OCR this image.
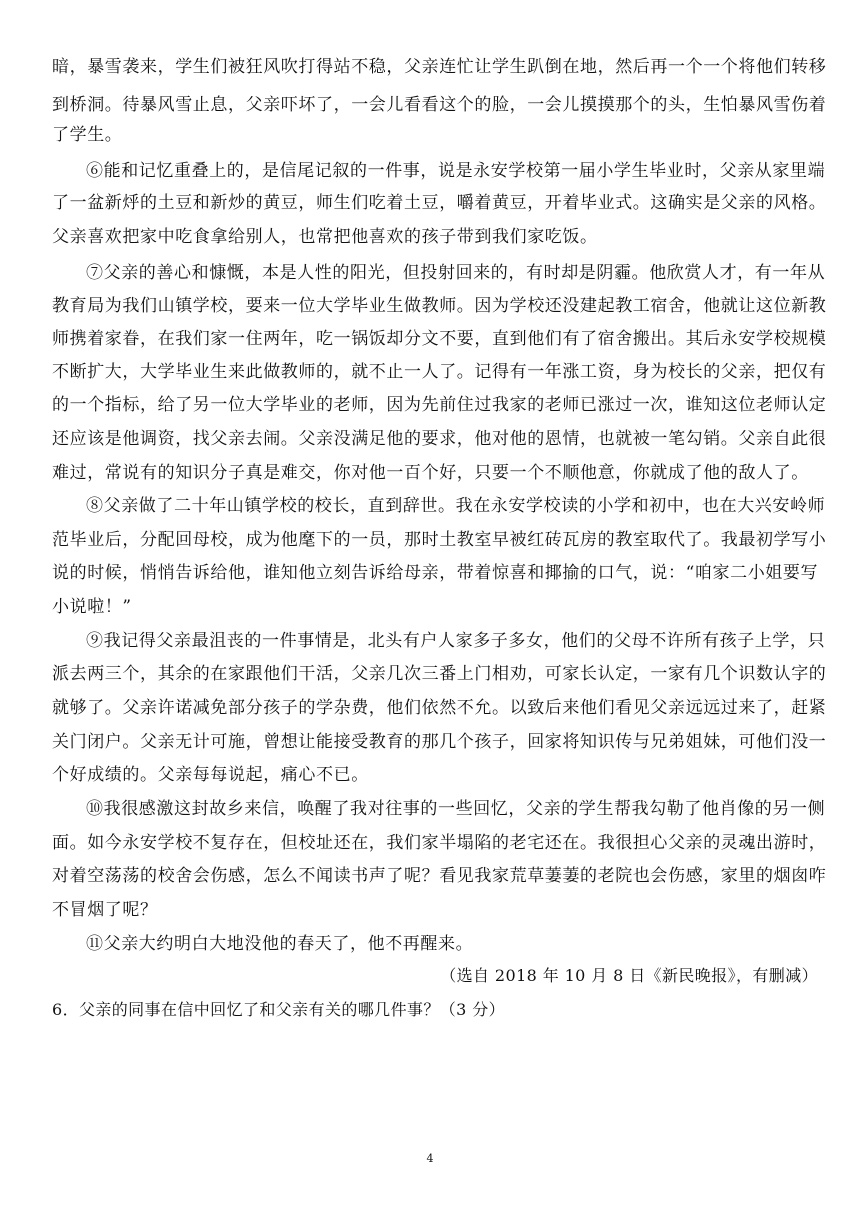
暗，暴雪袭来，学生们被狂风吹打得站不稳，父亲连忙让学生趴倒在地，然后再一个一个将他们转移
到桥洞。待暴风雪止息，父亲吓坏了，一会儿看看这个的脸，一会儿摸摸那个的头，生怕暴风雪伤着
了学生。
⑥能和记忆重叠上的，是信尾记叙的一件事，说是永安学校第一届小学生毕业时，父亲从家里端
了一盆新烀的土豆和新炒的黄豆，师生们吃着土豆，嚼着黄豆，开着毕业式。这确实是父亲的风格。
父亲喜欢把家中吃食拿给别人，也常把他喜欢的孩子带到我们家吃饭。
⑦父亲的善心和慷慨，本是人性的阳光，但投射回来的，有时却是阴霾。他欣赏人才，有一年从
教育局为我们山镇学校，要来一位大学毕业生做教师。因为学校还没建起教工宿舍，他就让这位新教
师携着家眷，在我们家一住两年，吃一锅饭却分文不要，直到他们有了宿舍搬出。其后永安学校规模
不断扩大，大学毕业生来此做教师的，就不止一人了。记得有一年涨工资，身为校长的父亲，把仅有
的一个指标，给了另一位大学毕业的老师，因为先前住过我家的老师已涨过一次，谁知这位老师认定
还应该是他调资，找父亲去闹。父亲没满足他的要求，他对他的恩情，也就被一笔勾销。父亲自此很
难过，常说有的知识分子真是难交，你对他一百个好，只要一个不顺他意，你就成了他的敌人了。
⑧父亲做了二十年山镇学校的校长，直到辞世。我在永安学校读的小学和初中，也在大兴安岭师
范毕业后，分配回母校，成为他麾下的一员，那时土教室早被红砖瓦房的教室取代了。我最初学写小
说的时候，悄悄告诉给他，谁知他立刻告诉给母亲，带着惊喜和揶揄的口气，说：“咱家二小姐要写
小说啦！”
⑨我记得父亲最沮丧的一件事情是，北头有户人家多子多女，他们的父母不许所有孩子上学，只
派去两三个，其余的在家跟他们干活，父亲几次三番上门相劝，可家长认定，一家有几个识数认字的
就够了。父亲许诺减免部分孩子的学杂费，他们依然不允。以致后来他们看见父亲远远过来了，赶紧
关门闭户。父亲无计可施，曾想让能接受教育的那几个孩子，回家将知识传与兄弟姐妹，可他们没一
个好成绩的。父亲每每说起，痛心不已。
⑩我很感激这封故乡来信，唤醒了我对往事的一些回忆，父亲的学生帮我勾勒了他肖像的另一侧
面。如今永安学校不复存在，但校址还在，我们家半塌陷的老宅还在。我很担心父亲的灵魂出游时，
对着空荡荡的校舍会伤感，怎么不闻读书声了呢？看见我家荒草萋萋的老院也会伤感，家里的烟囱咋
不冒烟了呢？
⑪父亲大约明白大地没他的春天了，他不再醒来。
（选自 2018 年 10 月 8 日《新民晚报》，有删减）
6．父亲的同事在信中回忆了和父亲有关的哪几件事？（3 分）
4
